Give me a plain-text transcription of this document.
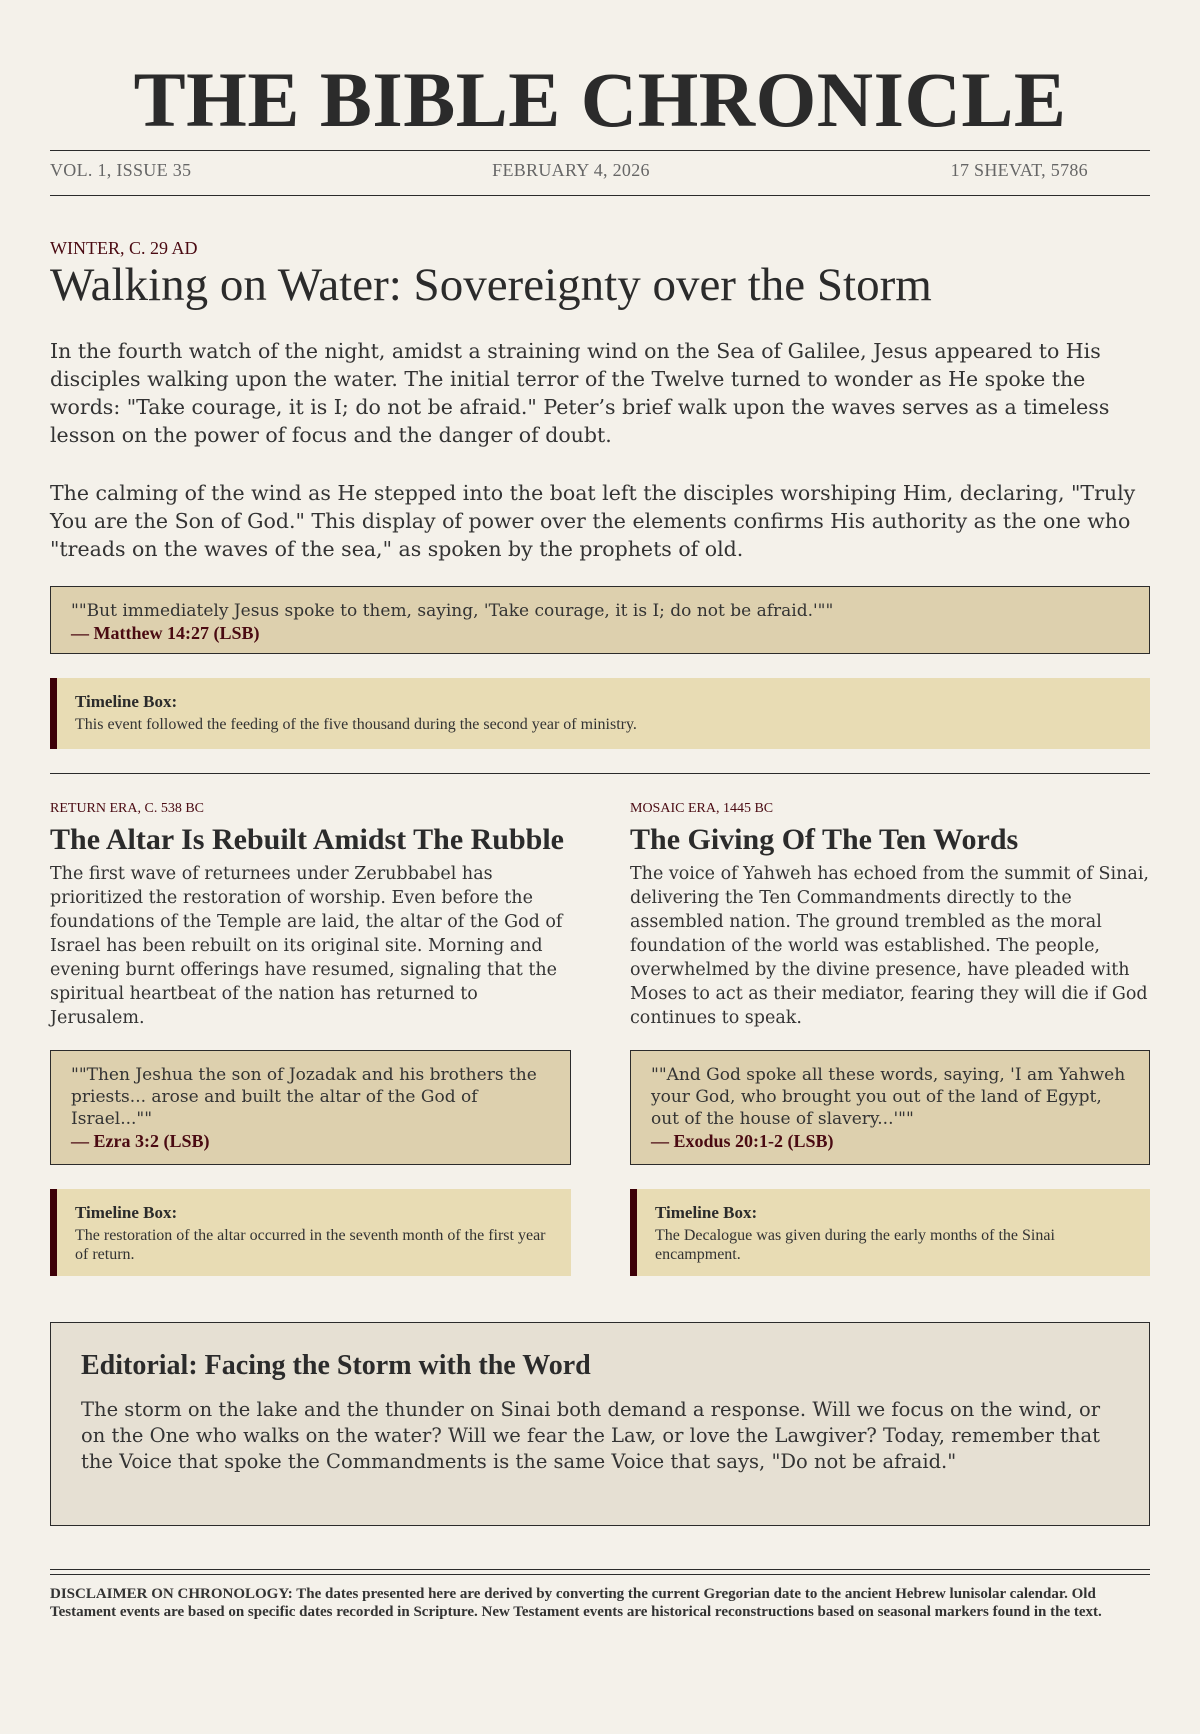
THE BIBLE CHRONICLE
VOL. 1, ISSUE 35	FEBRUARY 4, 2026	17 SHEVAT, 5786
WINTER, C. 29 AD
Walking on Water: Sovereignty over the Storm

In the fourth watch of the night, amidst a straining wind on the Sea of Galilee, Jesus appeared to His disciples walking upon the water. The initial terror of the Twelve turned to wonder as He spoke the words: "Take courage, it is I; do not be afraid." Peter’s brief walk upon the waves serves as a timeless lesson on the power of focus and the danger of doubt.

The calming of the wind as He stepped into the boat left the disciples worshiping Him, declaring, "Truly You are the Son of God." This display of power over the elements confirms His authority as the one who "treads on the waves of the sea," as spoken by the prophets of old.

""But immediately Jesus spoke to them, saying, 'Take courage, it is I; do not be afraid.'""
— Matthew 14:27 (LSB)
Timeline Box:
This event followed the feeding of the five thousand during the second year of ministry.
RETURN ERA, C. 538 BC
The Altar Is Rebuilt Amidst The Rubble
The first wave of returnees under Zerubbabel has prioritized the restoration of worship. Even before the foundations of the Temple are laid, the altar of the God of Israel has been rebuilt on its original site. Morning and evening burnt offerings have resumed, signaling that the spiritual heartbeat of the nation has returned to Jerusalem.
""Then Jeshua the son of Jozadak and his brothers the priests... arose and built the altar of the God of Israel...""
— Ezra 3:2 (LSB)
Timeline Box:
The restoration of the altar occurred in the seventh month of the first year of return.
MOSAIC ERA, 1445 BC
The Giving Of The Ten Words
The voice of Yahweh has echoed from the summit of Sinai, delivering the Ten Commandments directly to the assembled nation. The ground trembled as the moral foundation of the world was established. The people, overwhelmed by the divine presence, have pleaded with Moses to act as their mediator, fearing they will die if God continues to speak.
""And God spoke all these words, saying, 'I am Yahweh your God, who brought you out of the land of Egypt, out of the house of slavery...'""
— Exodus 20:1-2 (LSB)
Timeline Box:
The Decalogue was given during the early months of the Sinai encampment.
Editorial: Facing the Storm with the Word

The storm on the lake and the thunder on Sinai both demand a response. Will we focus on the wind, or on the One who walks on the water? Will we fear the Law, or love the Lawgiver? Today, remember that the Voice that spoke the Commandments is the same Voice that says, "Do not be afraid."

DISCLAIMER ON CHRONOLOGY: The dates presented here are derived by converting the current Gregorian date to the ancient Hebrew lunisolar calendar. Old Testament events are based on specific dates recorded in Scripture. New Testament events are historical reconstructions based on seasonal markers found in the text.
